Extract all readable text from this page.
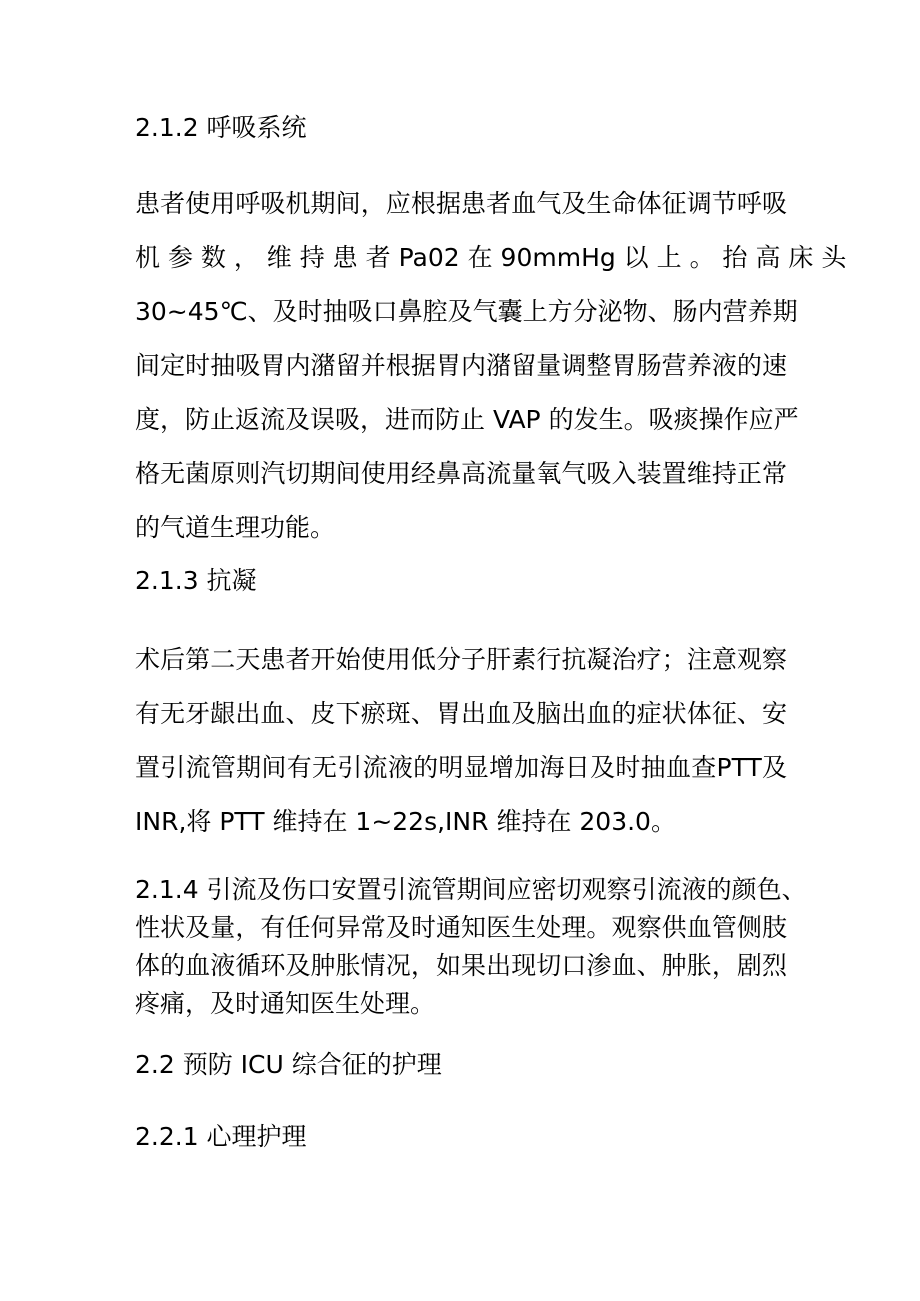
2.1.2 呼吸系统
患者使用呼吸机期间，应根据患者血气及生命体征调节呼吸
机 参 数 ， 维 持 患 者 Pa02 在 90mmHg 以 上 。 抬 高 床 头
30~45℃、及时抽吸口鼻腔及气囊上方分泌物、肠内营养期
间定时抽吸胃内潴留并根据胃内潴留量调整胃肠营养液的速
度，防止返流及误吸，进而防止 VAP 的发生。吸痰操作应严
格无菌原则汽切期间使用经鼻高流量氧气吸入装置维持正常
的气道生理功能。
2.1.3 抗凝
术后第二天患者开始使用低分子肝素行抗凝治疗；注意观察
有无牙龈出血、皮下瘀斑、胃出血及脑出血的症状体征、安
置引流管期间有无引流液的明显增加海日及时抽血查PTT及
INR,将 PTT 维持在 1~22s,INR 维持在 203.0。
2.1.4 引流及伤口安置引流管期间应密切观察引流液的颜色、
性状及量，有任何异常及时通知医生处理。观察供血管侧肢
体的血液循环及肿胀情况，如果出现切口渗血、肿胀，剧烈
疼痛，及时通知医生处理。
2.2 预防 ICU 综合征的护理
2.2.1 心理护理
